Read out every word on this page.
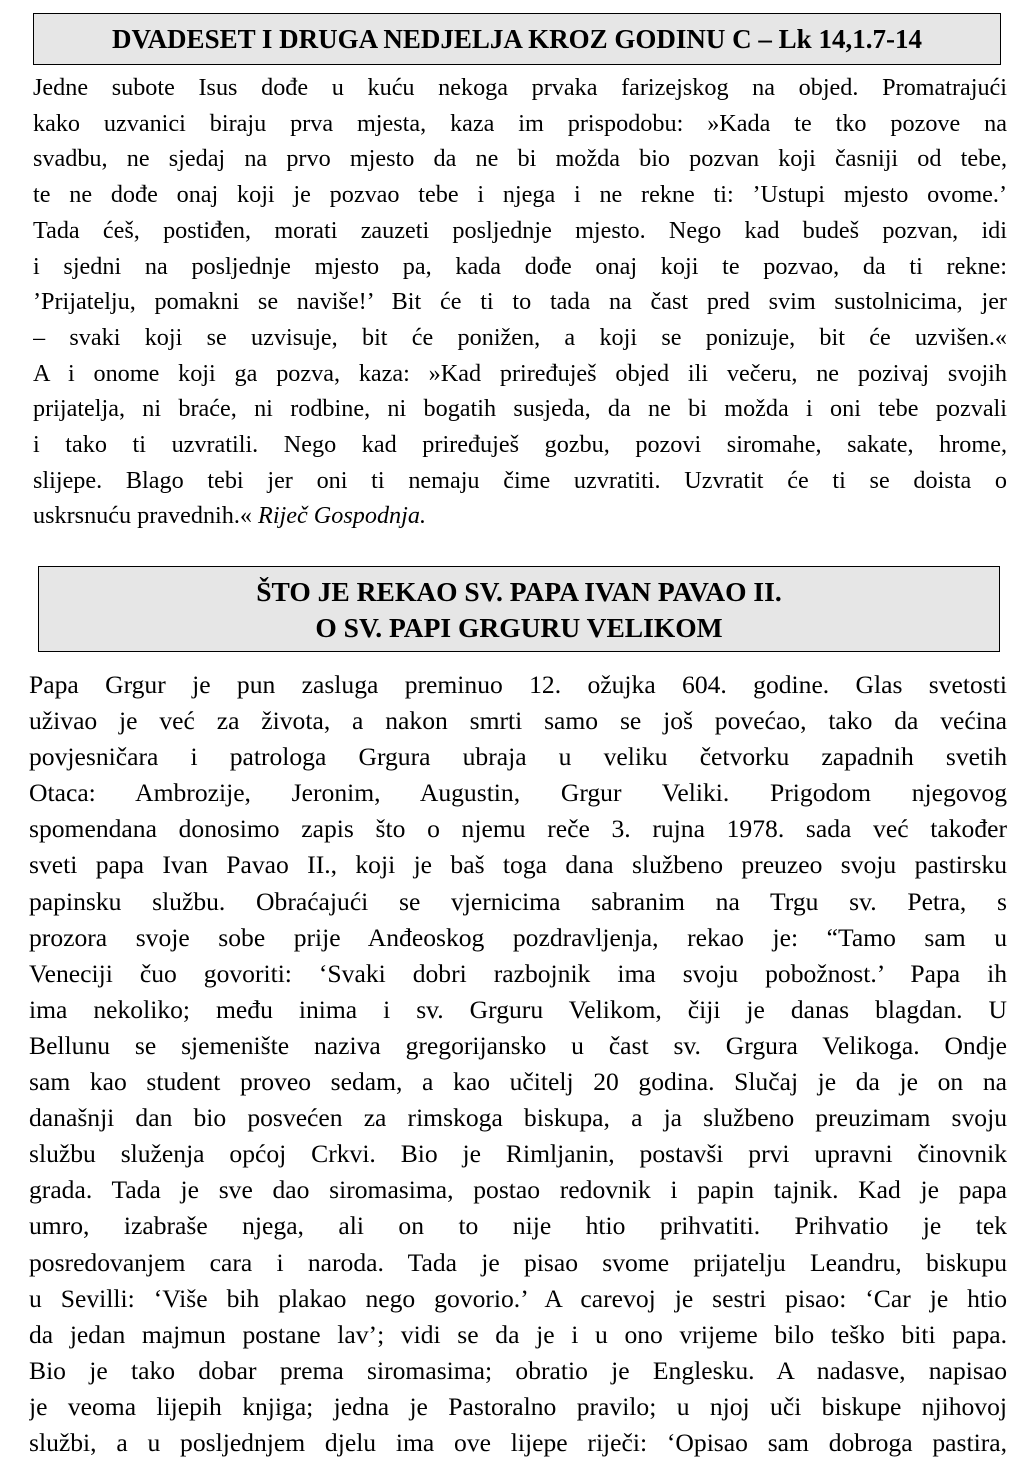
DVADESET I DRUGA NEDJELJA KROZ GODINU C – Lk 14,1.7-14
Jedne subote Isus dođe u kuću nekoga prvaka farizejskog na objed. Promatrajući
kako uzvanici biraju prva mjesta, kaza im prispodobu: »Kada te tko pozove na
svadbu, ne sjedaj na prvo mjesto da ne bi možda bio pozvan koji časniji od tebe,
te ne dođe onaj koji je pozvao tebe i njega i ne rekne ti: ’Ustupi mjesto ovome.’
Tada ćeš, postiđen, morati zauzeti posljednje mjesto. Nego kad budeš pozvan, idi
i sjedni na posljednje mjesto pa, kada dođe onaj koji te pozvao, da ti rekne:
’Prijatelju, pomakni se naviše!’ Bit će ti to tada na čast pred svim sustolnicima, jer
– svaki koji se uzvisuje, bit će ponižen, a koji se ponizuje, bit će uzvišen.«
A i onome koji ga pozva, kaza: »Kad priređuješ objed ili večeru, ne pozivaj svojih
prijatelja, ni braće, ni rodbine, ni bogatih susjeda, da ne bi možda i oni tebe pozvali
i tako ti uzvratili. Nego kad priređuješ gozbu, pozovi siromahe, sakate, hrome,
slijepe. Blago tebi jer oni ti nemaju čime uzvratiti. Uzvratit će ti se doista o
uskrsnuću pravednih.« Riječ Gospodnja.
ŠTO JE REKAO SV. PAPA IVAN PAVAO II.
O SV. PAPI GRGURU VELIKOM
Papa Grgur je pun zasluga preminuo 12. ožujka 604. godine. Glas svetosti
uživao je već za života, a nakon smrti samo se još povećao, tako da većina
povjesničara i patrologa Grgura ubraja u veliku četvorku zapadnih svetih
Otaca: Ambrozije, Jeronim, Augustin, Grgur Veliki. Prigodom njegovog
spomendana donosimo zapis što o njemu reče 3. rujna 1978. sada već također
sveti papa Ivan Pavao II., koji je baš toga dana službeno preuzeo svoju pastirsku
papinsku službu. Obraćajući se vjernicima sabranim na Trgu sv. Petra, s
prozora svoje sobe prije Anđeoskog pozdravljenja, rekao je: “Tamo sam u
Veneciji čuo govoriti: ‘Svaki dobri razbojnik ima svoju pobožnost.’ Papa ih
ima nekoliko; među inima i sv. Grguru Velikom, čiji je danas blagdan. U
Bellunu se sjemenište naziva gregorijansko u čast sv. Grgura Velikoga. Ondje
sam kao student proveo sedam, a kao učitelj 20 godina. Slučaj je da je on na
današnji dan bio posvećen za rimskoga biskupa, a ja službeno preuzimam svoju
službu služenja općoj Crkvi. Bio je Rimljanin, postavši prvi upravni činovnik
grada. Tada je sve dao siromasima, postao redovnik i papin tajnik. Kad je papa
umro, izabraše njega, ali on to nije htio prihvatiti. Prihvatio je tek
posredovanjem cara i naroda. Tada je pisao svome prijatelju Leandru, biskupu
u Sevilli: ‘Više bih plakao nego govorio.’ A carevoj je sestri pisao: ‘Car je htio
da jedan majmun postane lav’; vidi se da je i u ono vrijeme bilo teško biti papa.
Bio je tako dobar prema siromasima; obratio je Englesku. A nadasve, napisao
je veoma lijepih knjiga; jedna je Pastoralno pravilo; u njoj uči biskupe njihovoj
službi, a u posljednjem djelu ima ove lijepe riječi: ‘Opisao sam dobroga pastira,
